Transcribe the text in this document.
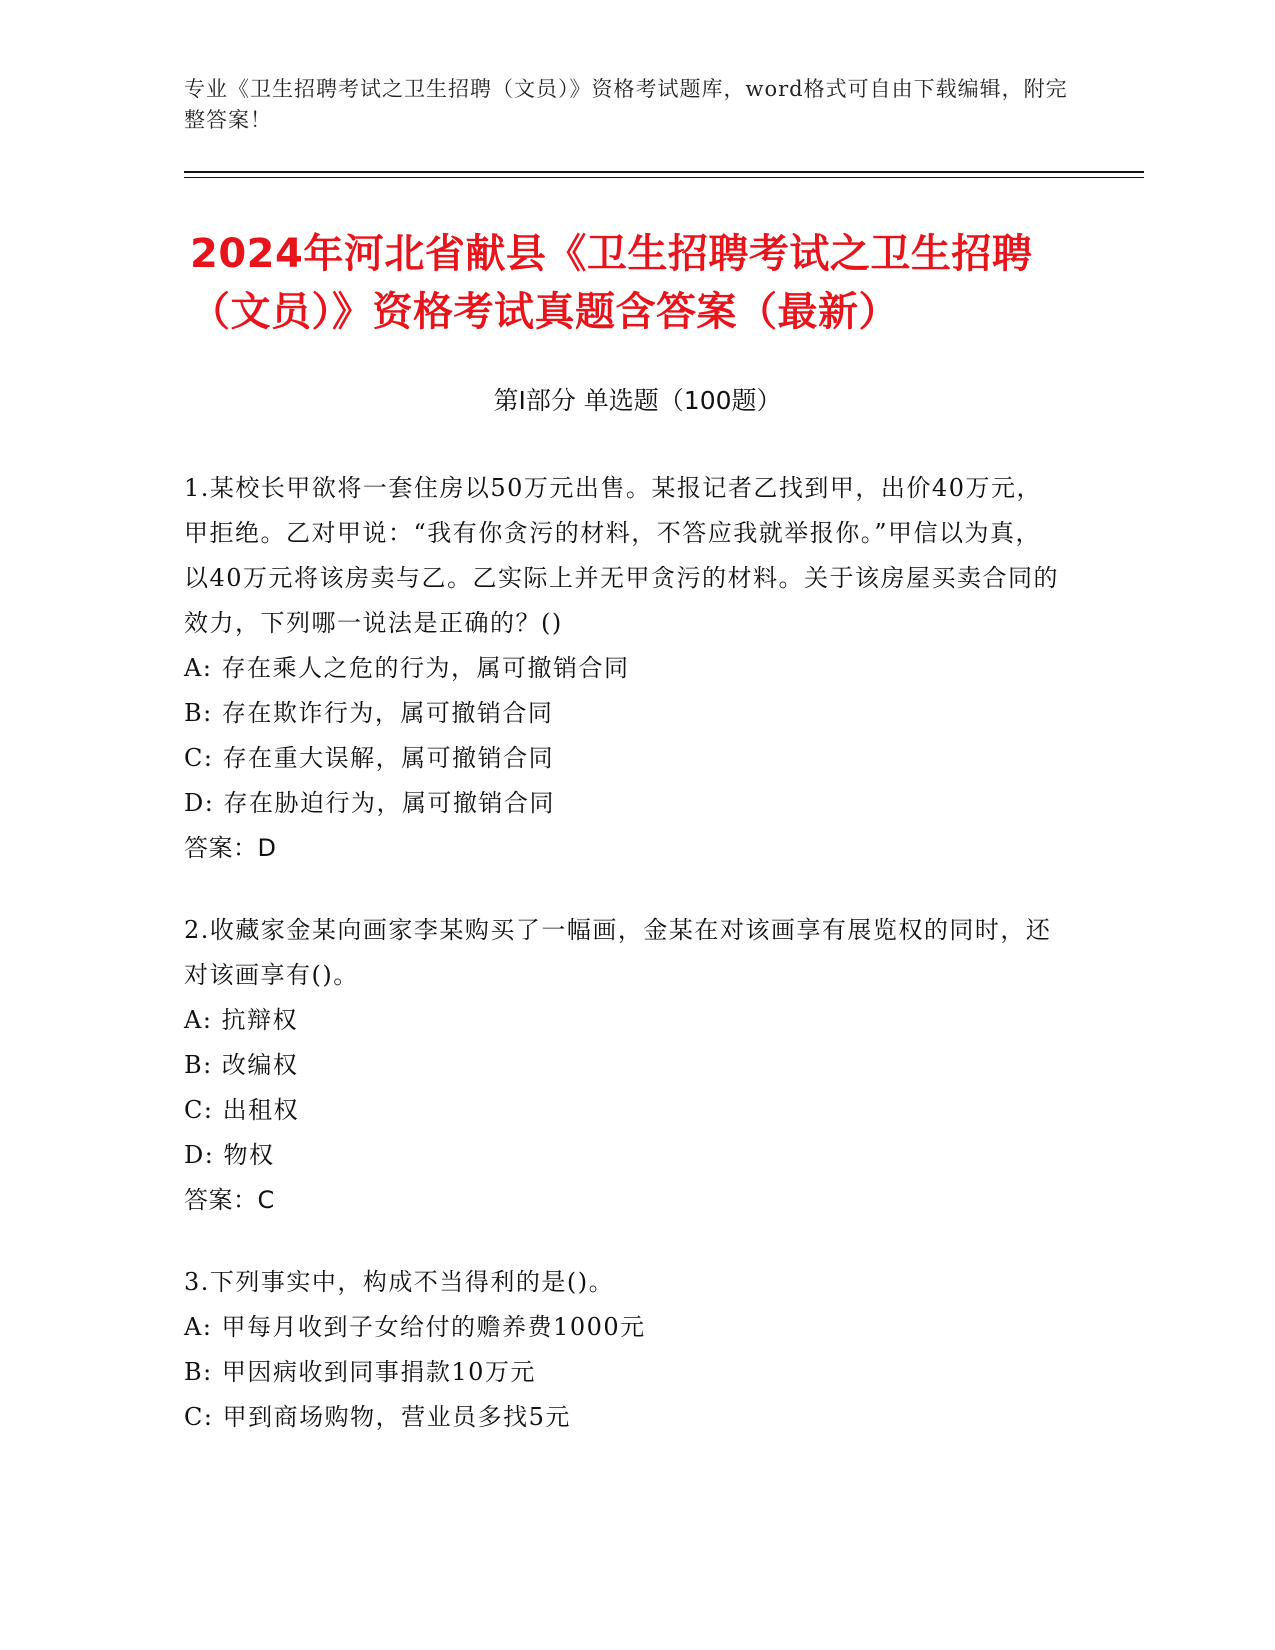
专业《卫生招聘考试之卫生招聘（文员）》资格考试题库，word格式可自由下载编辑，附完整答案！
2024年河北省献县《卫生招聘考试之卫生招聘（文员）》资格考试真题含答案（最新）
第Ⅰ部分 单选题（100题）

1.某校长甲欲将一套住房以50万元出售。某报记者乙找到甲，出价40万元，甲拒绝。乙对甲说：“我有你贪污的材料，不答应我就举报你。”甲信以为真，以40万元将该房卖与乙。乙实际上并无甲贪污的材料。关于该房屋买卖合同的效力，下列哪一说法是正确的？()

A: 存在乘人之危的行为，属可撤销合同

B: 存在欺诈行为，属可撤销合同

C: 存在重大误解，属可撤销合同

D: 存在胁迫行为，属可撤销合同

答案：D

2.收藏家金某向画家李某购买了一幅画，金某在对该画享有展览权的同时，还对该画享有()。

A: 抗辩权

B: 改编权

C: 出租权

D: 物权

答案：C

3.下列事实中，构成不当得利的是()。

A: 甲每月收到子女给付的赡养费1000元

B: 甲因病收到同事捐款10万元

C: 甲到商场购物，营业员多找5元
